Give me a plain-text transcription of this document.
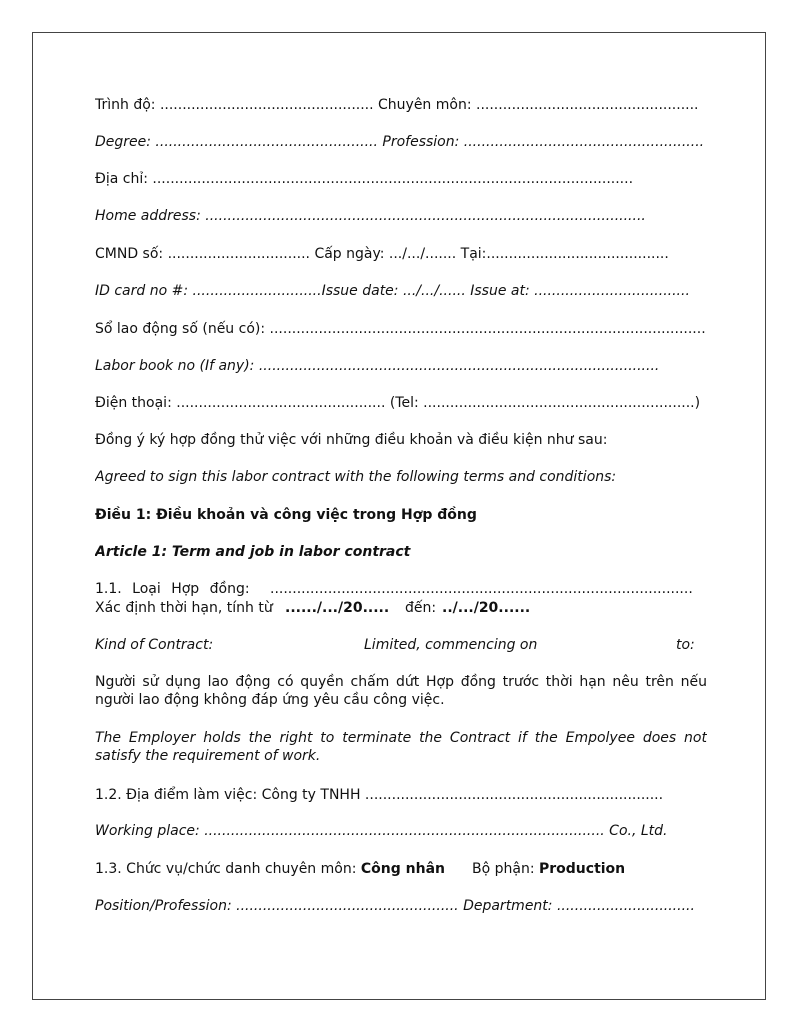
Trình độ: ................................................ Chuyên môn: ..................................................
Degree: .................................................. Profession: ......................................................
Địa chỉ: ............................................................................................................
Home address: ...................................................................................................
CMND số: ................................ Cấp ngày: .../.../....... Tại:.........................................
ID card no #: .............................Issue date: .../.../...... Issue at: ...................................
Sổ lao động số (nếu có): ..................................................................................................
Labor book no (If any): ..........................................................................................
Điện thoại: ............................................... (Tel: .............................................................)
Đồng ý ký hợp đồng thử việc với những điều khoản và điều kiện như sau:
Agreed to sign this labor contract with the following terms and conditions:
Điều 1: Điều khoản và công việc trong Hợp đồng
Article 1: Term and job in labor contract
1.1. Loại Hợp đồng: ...............................................................................................
Xác định thời hạn, tính từ ....../.../20..... đến: ../.../20......
Kind of Contract:	Limited, commencing on	to:
Người sử dụng lao động có quyền chấm dứt Hợp đồng trước thời hạn nêu trên nếu người lao động không đáp ứng yêu cầu công việc.
The Employer holds the right to terminate the Contract if the Empolyee does not satisfy the requirement of work.
1.2. Địa điểm làm việc: Công ty TNHH ...................................................................
Working place: .......................................................................................... Co., Ltd.
1.3. Chức vụ/chức danh chuyên môn: Công nhân Bộ phận: Production
Position/Profession: .................................................. Department: ...............................
